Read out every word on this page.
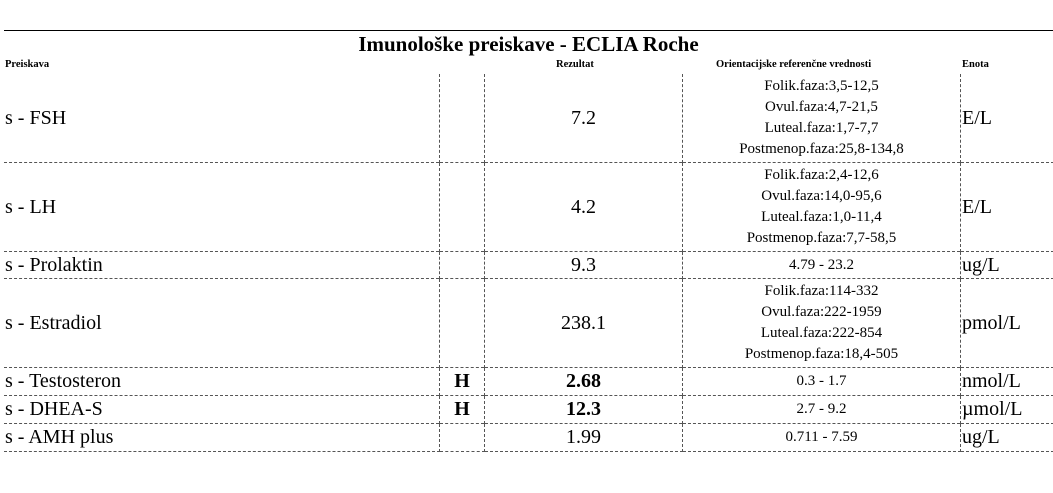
Imunološke preiskave - ECLIA Roche
Preiskava	Rezultat	Orientacijske referenčne vrednosti	Enota
s - FSH		7.2	Folik.faza:3,5-12,5
Ovul.faza:4,7-21,5
Luteal.faza:1,7-7,7
Postmenop.faza:25,8-134,8	E/L
s - LH		4.2	Folik.faza:2,4-12,6
Ovul.faza:14,0-95,6
Luteal.faza:1,0-11,4
Postmenop.faza:7,7-58,5	E/L
s - Prolaktin		9.3	4.79 - 23.2	ug/L
s - Estradiol		238.1	Folik.faza:114-332
Ovul.faza:222-1959
Luteal.faza:222-854
Postmenop.faza:18,4-505	pmol/L
s - Testosteron	H	2.68	0.3 - 1.7	nmol/L
s - DHEA-S	H	12.3	2.7 - 9.2	µmol/L
s - AMH plus		1.99	0.711 - 7.59	ug/L
